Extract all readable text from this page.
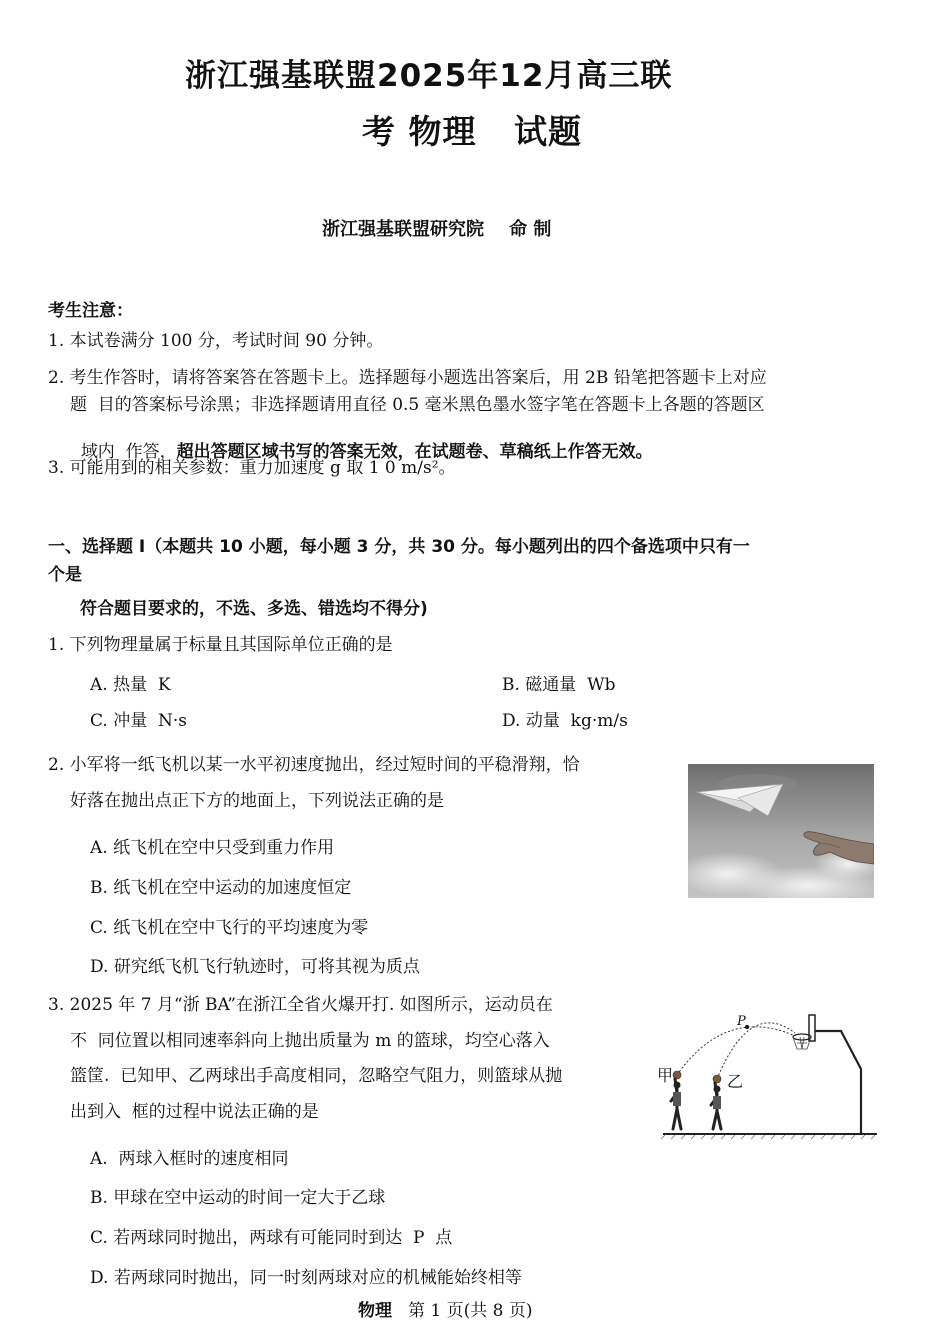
浙江强基联盟2025年12月高三联
考 物理   试题
浙江强基联盟研究院    命 制
考生注意：
1. 本试卷满分 100 分，考试时间 90 分钟。
2. 考生作答时，请将答案答在答题卡上。选择题每小题选出答案后，用 2B 铅笔把答题卡上对应
题  目的答案标号涂黑；非选择题请用直径 0.5 毫米黑色墨水签字笔在答题卡上各题的答题区

域内  作答，超出答题区域书写的答案无效，在试题卷、草稿纸上作答无效。

3. 可能用到的相关参数：重力加速度 g 取 1 0 m/s²。
一、选择题 I（本题共 10 小题，每小题 3 分，共 30 分。每小题列出的四个备选项中只有一
个是
符合题目要求的，不选、多选、错选均不得分)
1. 下列物理量属于标量且其国际单位正确的是
A. 热量  K	B. 磁通量  Wb
C. 冲量  N·s	D. 动量  kg·m/s
2. 小军将一纸飞机以某一水平初速度抛出，经过短时间的平稳滑翔，恰
好落在抛出点正下方的地面上，下列说法正确的是
A. 纸飞机在空中只受到重力作用
B. 纸飞机在空中运动的加速度恒定
C. 纸飞机在空中飞行的平均速度为零
D. 研究纸飞机飞行轨迹时，可将其视为质点
3. 2025 年 7 月“浙 BA”在浙江全省火爆开打. 如图所示，运动员在
不  同位置以相同速率斜向上抛出质量为 m 的篮球，均空心落入
篮筐.  已知甲、乙两球出手高度相同，忽略空气阻力，则篮球从抛
出到入  框的过程中说法正确的是
A.  两球入框时的速度相同
B. 甲球在空中运动的时间一定大于乙球
C. 若两球同时抛出，两球有可能同时到达  P  点
D. 若两球同时抛出，同一时刻两球对应的机械能始终相等
P
甲	乙
物理 第 1 页(共 8 页)
